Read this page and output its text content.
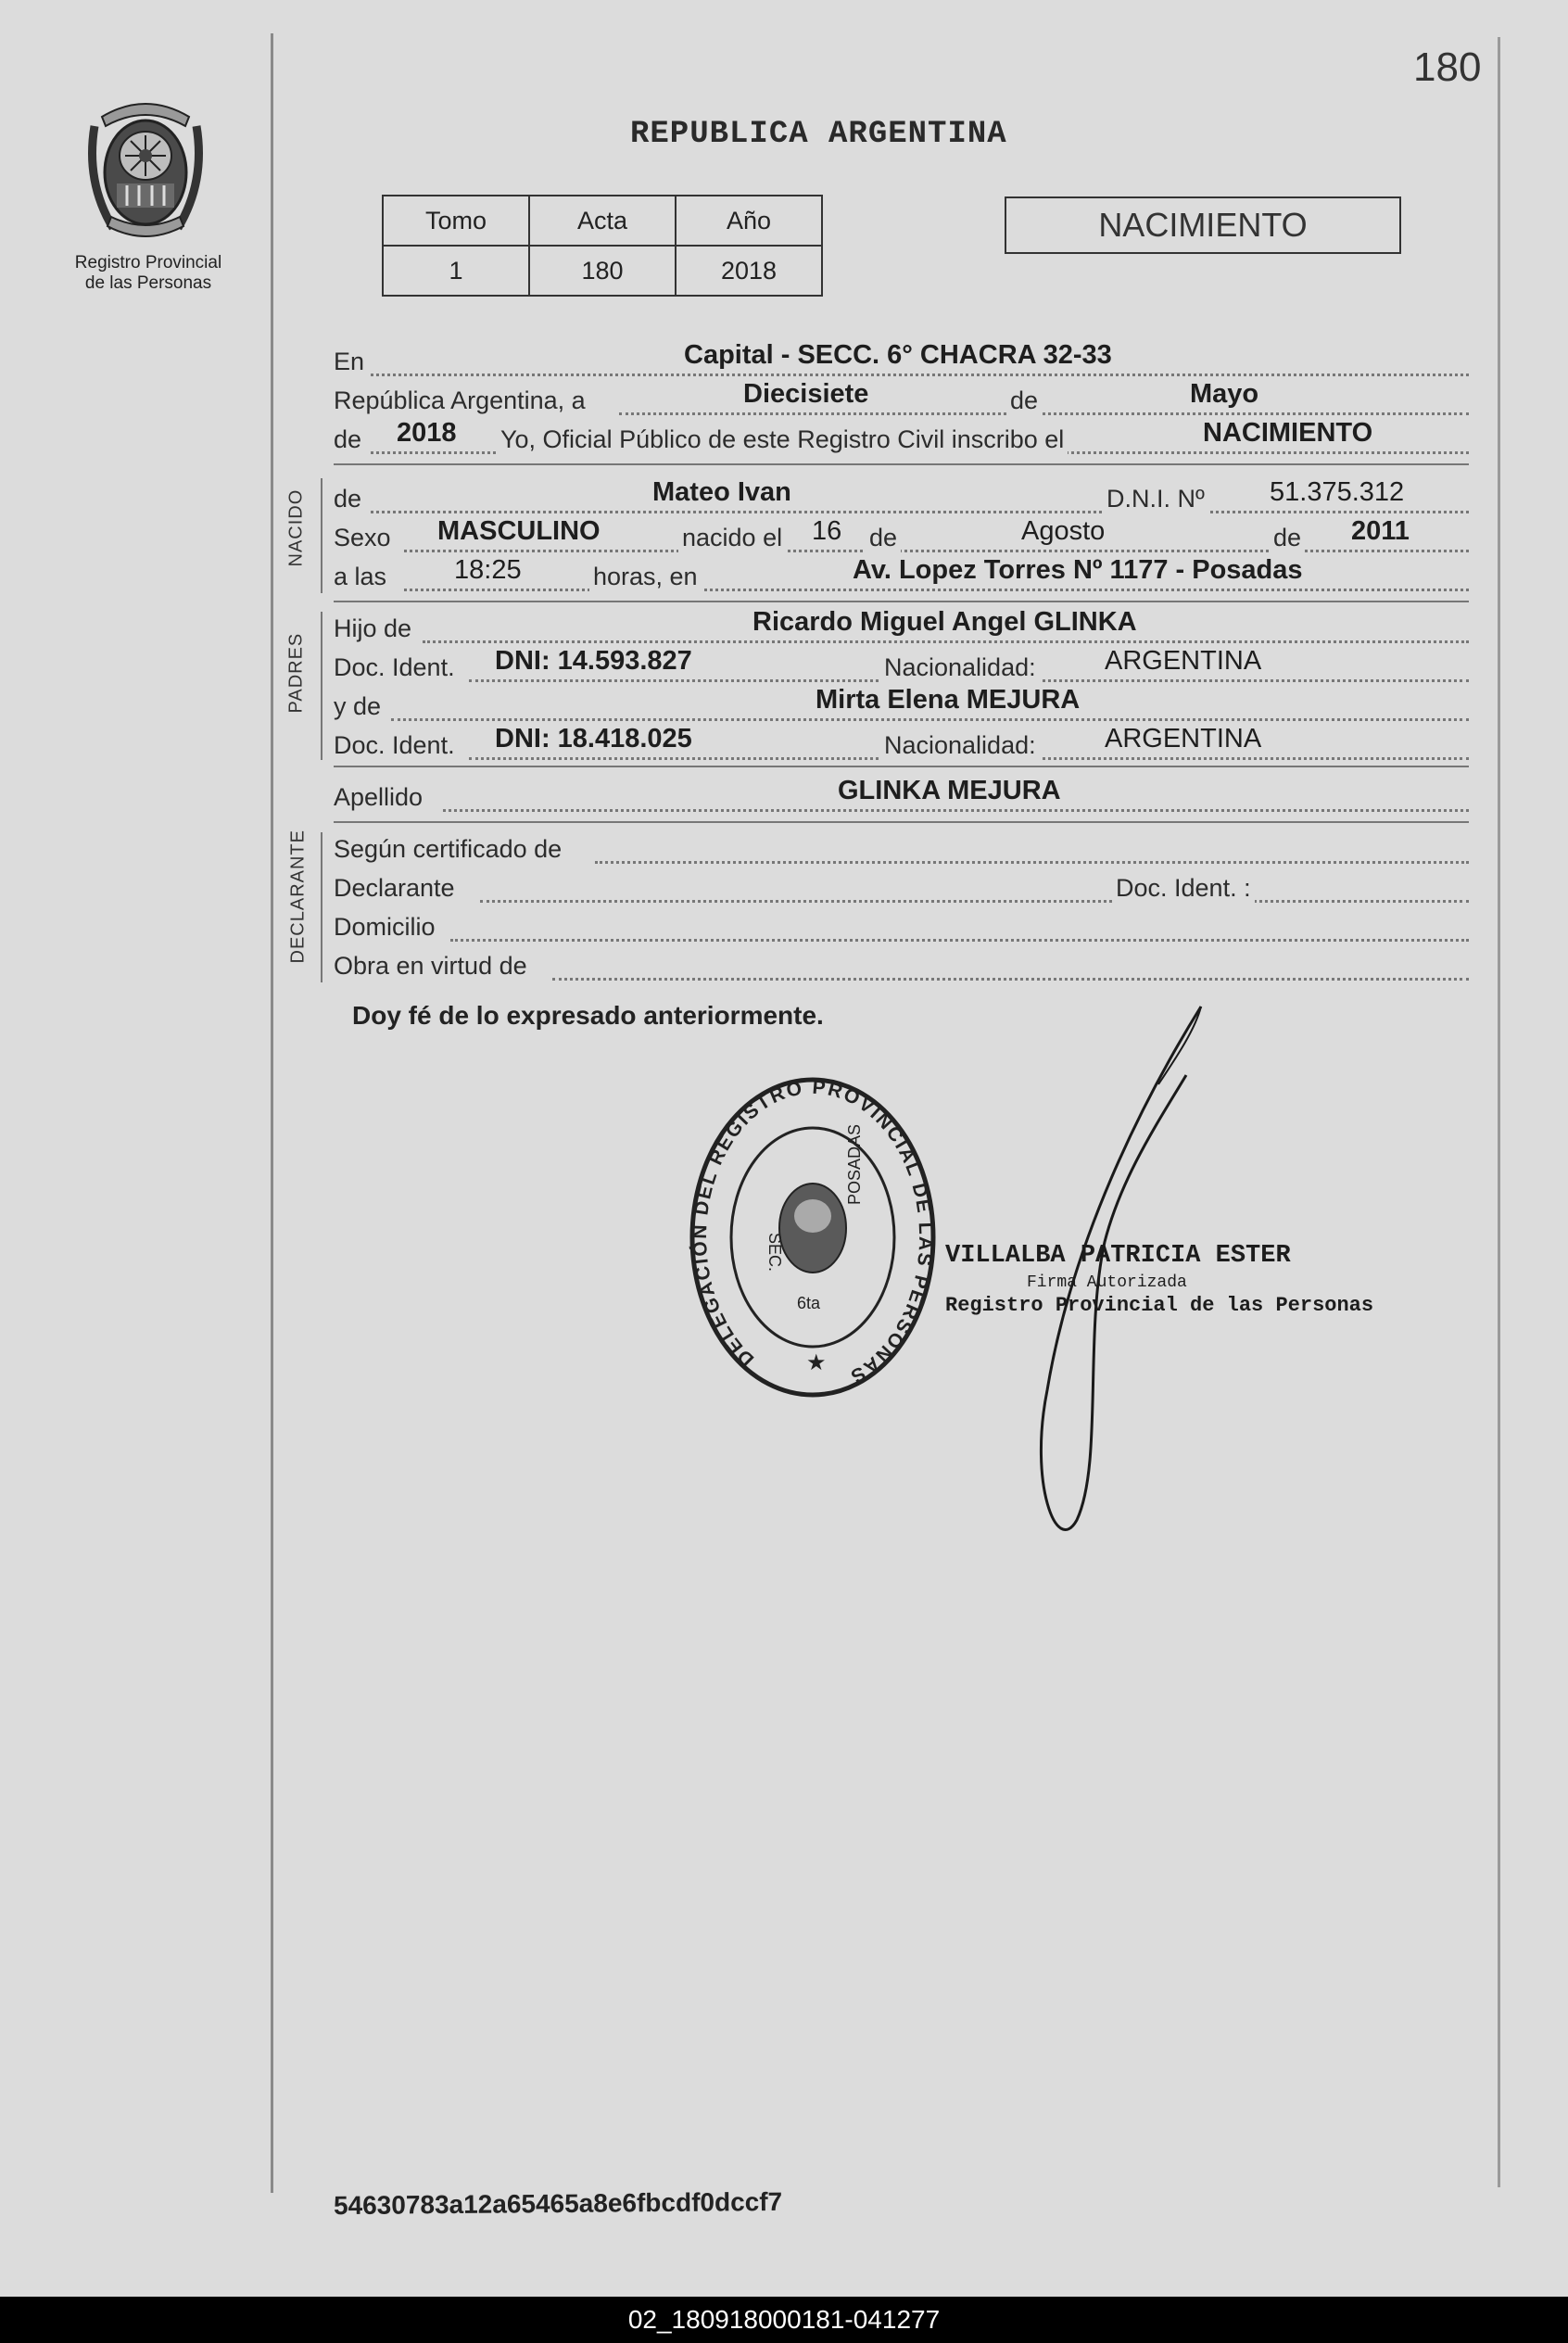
Registro Provincial
de las Personas
180
REPUBLICA ARGENTINA
Tomo	Acta	Año
1	180	2018
NACIMIENTO
En	Capital - SECC. 6° CHACRA 32-33
República Argentina, a	Diecisiete	de	Mayo
de 2018 Yo, Oficial Público de este Registro Civil inscribo el	NACIMIENTO
NACIDO de	Mateo Ivan	D.N.I. Nº 51.375.312
Sexo MASCULINO	nacido el 16 de	Agosto	de 2011
a las	18:25	horas, en	Av. Lopez Torres Nº 1177 - Posadas
PADRES
Hijo de	Ricardo Miguel Angel GLINKA
Doc. Ident. DNI: 14.593.827	Nacionalidad:	ARGENTINA
y de	Mirta Elena MEJURA
Doc. Ident. DNI: 18.418.025	Nacionalidad:	ARGENTINA
Apellido	GLINKA MEJURA
DECLARANTE Según certificado de
Declarante	Doc. Ident. :
Domicilio
Obra en virtud de
Doy fé de lo expresado anteriormente.
DELEGACIÓN DEL REGISTRO PROVINCIAL DE LAS PERSONAS
SEC.
POSADAS
6ta
★
VILLALBA PATRICIA ESTER
Firma Autorizada
Registro Provincial de las Personas
54630783a12a65465a8e6fbcdf0dccf7
02_180918000181-041277
